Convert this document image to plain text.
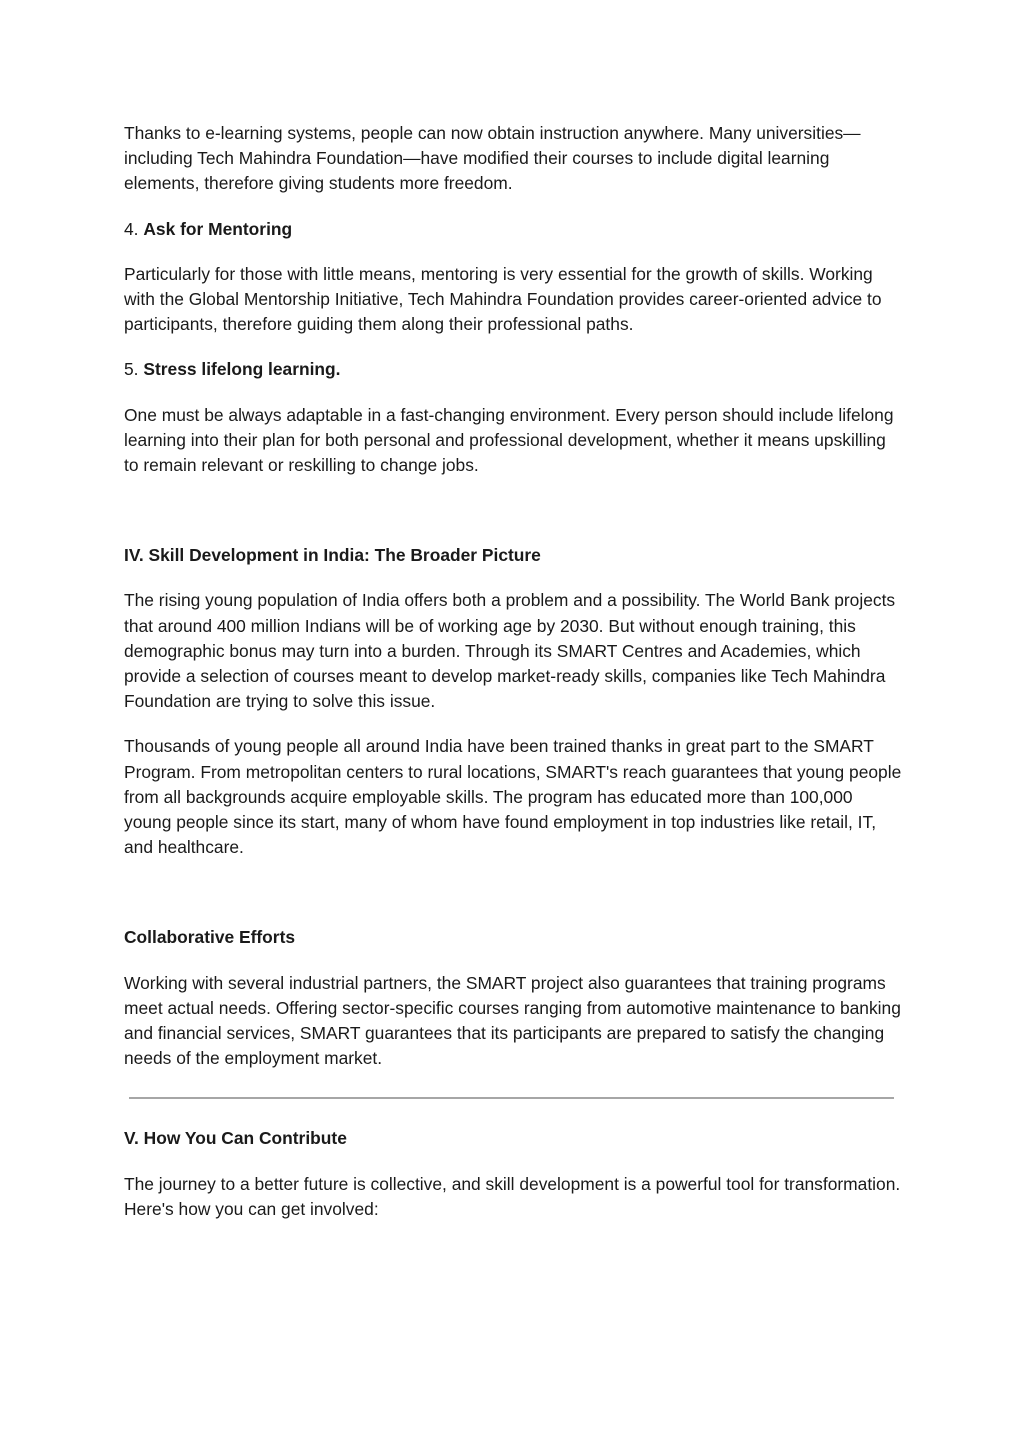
Thanks to e-learning systems, people can now obtain instruction anywhere. Many universities—including Tech Mahindra Foundation—have modified their courses to include digital learning elements, therefore giving students more freedom.

4. Ask for Mentoring

Particularly for those with little means, mentoring is very essential for the growth of skills. Working with the Global Mentorship Initiative, Tech Mahindra Foundation provides career-oriented advice to participants, therefore guiding them along their professional paths.

5. Stress lifelong learning.

One must be always adaptable in a fast-changing environment. Every person should include lifelong learning into their plan for both personal and professional development, whether it means upskilling to remain relevant or reskilling to change jobs.

IV. Skill Development in India: The Broader Picture

The rising young population of India offers both a problem and a possibility. The World Bank projects that around 400 million Indians will be of working age by 2030. But without enough training, this demographic bonus may turn into a burden. Through its SMART Centres and Academies, which provide a selection of courses meant to develop market-ready skills, companies like Tech Mahindra Foundation are trying to solve this issue.

Thousands of young people all around India have been trained thanks in great part to the SMART Program. From metropolitan centers to rural locations, SMART's reach guarantees that young people from all backgrounds acquire employable skills. The program has educated more than 100,000 young people since its start, many of whom have found employment in top industries like retail, IT, and healthcare.

Collaborative Efforts

Working with several industrial partners, the SMART project also guarantees that training programs meet actual needs. Offering sector-specific courses ranging from automotive maintenance to banking and financial services, SMART guarantees that its participants are prepared to satisfy the changing needs of the employment market.

V. How You Can Contribute

The journey to a better future is collective, and skill development is a powerful tool for transformation. Here's how you can get involved:
